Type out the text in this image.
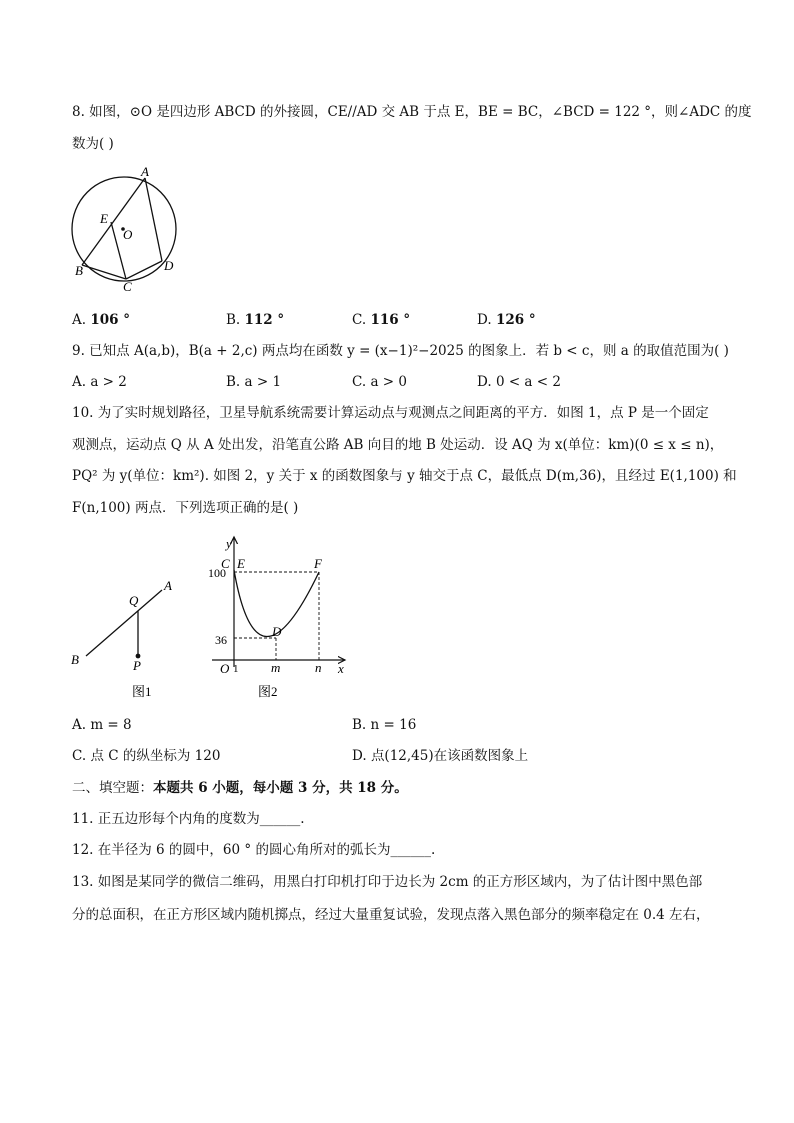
8. 如图，⊙O 是四边形 ABCD 的外接圆，CE//AD 交 AB 于点 E，BE = BC，∠BCD = 122 °，则∠ADC 的度
数为( )
A
E
O
B
C
D
A. 106 °	B. 112 °	C. 116 °	D. 126 °
9. 已知点 A(a,b)，B(a + 2,c) 两点均在函数 y = (x−1)²−2025 的图象上．若 b < c，则 a 的取值范围为( )
A. a > 2	B. a > 1	C. a > 0	D. 0 < a < 2
10. 为了实时规划路径，卫星导航系统需要计算运动点与观测点之间距离的平方．如图 1，点 P 是一个固定
观测点，运动点 Q 从 A 处出发，沿笔直公路 AB 向目的地 B 处运动．设 AQ 为 x(单位：km)(0 ≤ x ≤ n)，
PQ² 为 y(单位：km²). 如图 2，y 关于 x 的函数图象与 y 轴交于点 C，最低点 D(m,36)，且经过 E(1,100) 和
F(n,100) 两点．下列选项正确的是( )
A
Q
B	P
图1
y
C E	F
D
100
36
O 1	m	n x
图2
A. m = 8	B. n = 16
C. 点 C 的纵坐标为 120	D. 点(12,45)在该函数图象上
二、填空题：本题共 6 小题，每小题 3 分，共 18 分。
11. 正五边形每个内角的度数为______.
12. 在半径为 6 的圆中，60 ° 的圆心角所对的弧长为______.
13. 如图是某同学的微信二维码，用黑白打印机打印于边长为 2cm 的正方形区域内，为了估计图中黑色部
分的总面积，在正方形区域内随机掷点，经过大量重复试验，发现点落入黑色部分的频率稳定在 0.4 左右，
